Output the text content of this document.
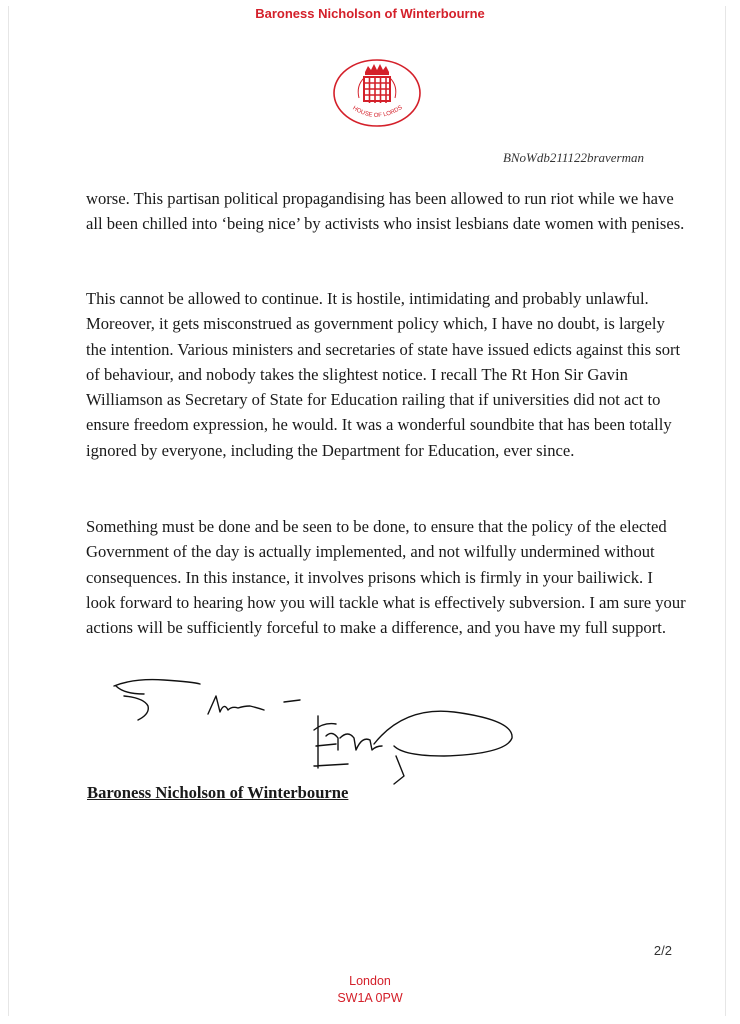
Baroness Nicholson of Winterbourne
HOUSE OF LORDS
BNoWdb211122braverman

worse. This partisan political propagandising has been allowed to run riot while we have all been chilled into ‘being nice’ by activists who insist lesbians date women with penises.

This cannot be allowed to continue. It is hostile, intimidating and probably unlawful. Moreover, it gets misconstrued as government policy which, I have no doubt, is largely the intention. Various ministers and secretaries of state have issued edicts against this sort of behaviour, and nobody takes the slightest notice. I recall The Rt Hon Sir Gavin Williamson as Secretary of State for Education railing that if universities did not act to ensure freedom expression, he would. It was a wonderful soundbite that has been totally ignored by everyone, including the Department for Education, ever since.

Something must be done and be seen to be done, to ensure that the policy of the elected Government of the day is actually implemented, and not wilfully undermined without consequences. In this instance, it involves prisons which is firmly in your bailiwick. I look forward to hearing how you will tackle what is effectively subversion. I am sure your actions will be sufficiently forceful to make a difference, and you have my full support.

Baroness Nicholson of Winterbourne
2/2
London
SW1A 0PW
